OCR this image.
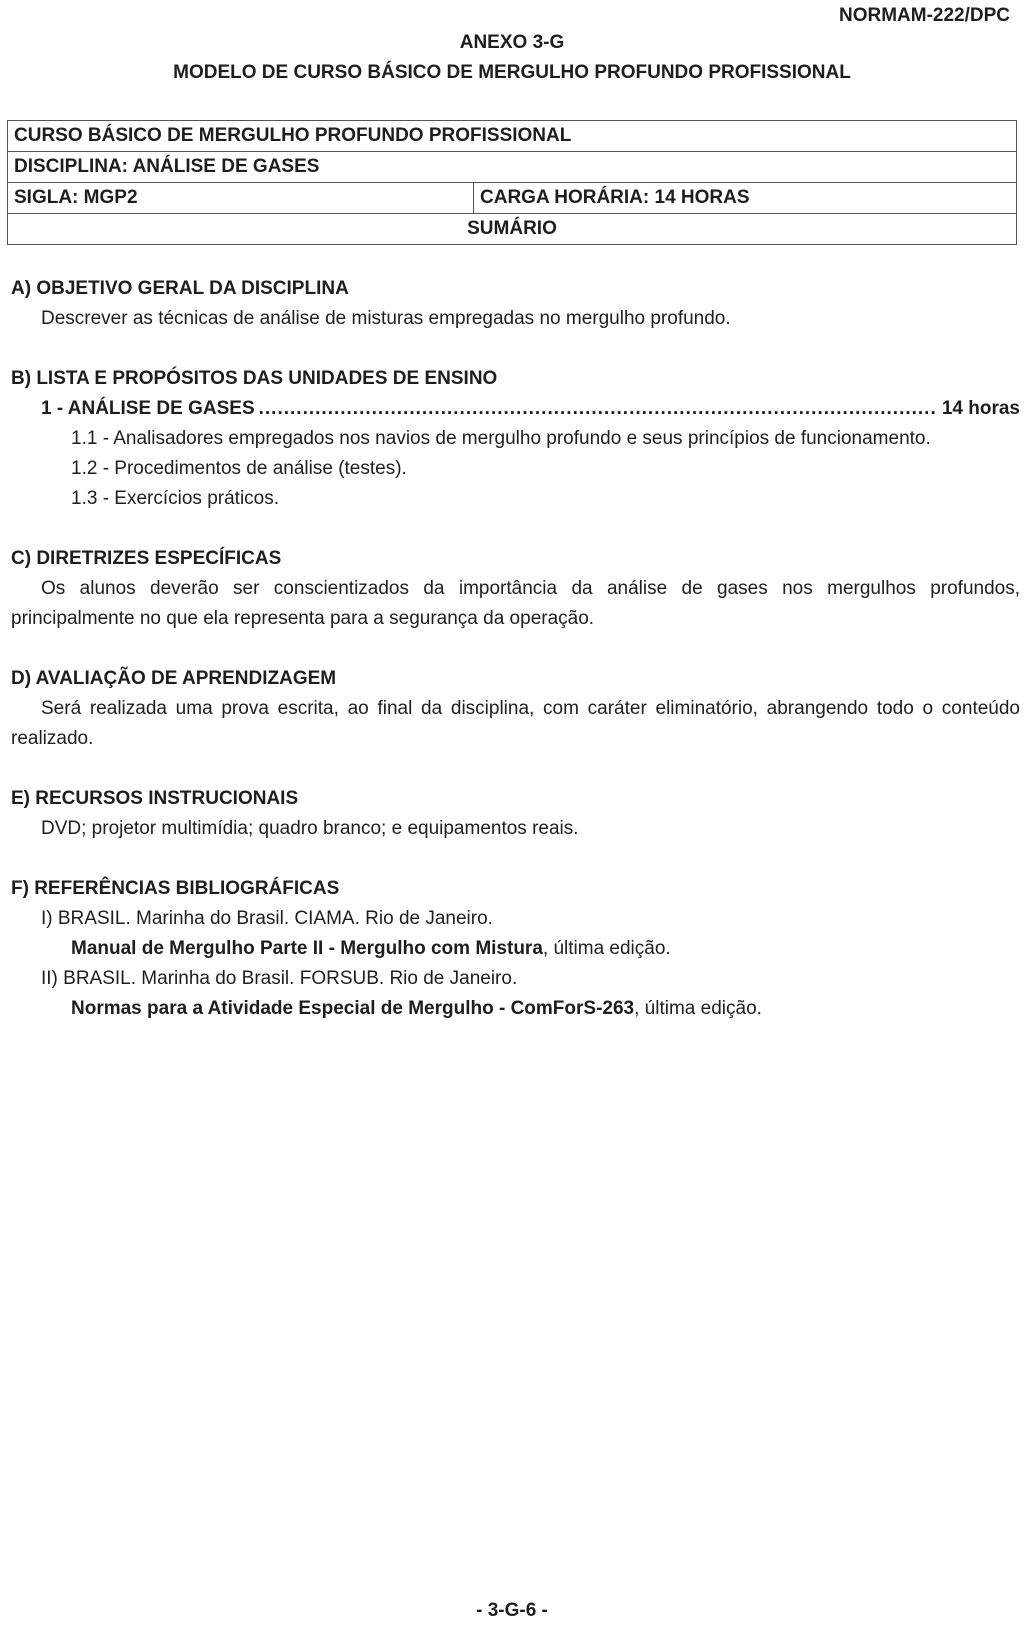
NORMAM-222/DPC
ANEXO 3-G
MODELO DE CURSO BÁSICO DE MERGULHO PROFUNDO PROFISSIONAL
CURSO BÁSICO DE MERGULHO PROFUNDO PROFISSIONAL
DISCIPLINA: ANÁLISE DE GASES
SIGLA: MGP2	CARGA HORÁRIA: 14 HORAS
SUMÁRIO
A) OBJETIVO GERAL DA DISCIPLINA
Descrever as técnicas de análise de misturas empregadas no mergulho profundo.
B) LISTA E PROPÓSITOS DAS UNIDADES DE ENSINO
1 - ANÁLISE DE GASES
.....	14 horas
1.1 - Analisadores empregados nos navios de mergulho profundo e seus princípios de funcionamento.
1.2 - Procedimentos de análise (testes).
1.3 - Exercícios práticos.
C) DIRETRIZES ESPECÍFICAS
Os alunos deverão ser conscientizados da importância da análise de gases nos mergulhos profundos, principalmente no que ela representa para a segurança da operação.
D) AVALIAÇÃO DE APRENDIZAGEM
Será realizada uma prova escrita, ao final da disciplina, com caráter eliminatório, abrangendo todo o conteúdo realizado.
E) RECURSOS INSTRUCIONAIS
DVD; projetor multimídia; quadro branco; e equipamentos reais.
F) REFERÊNCIAS BIBLIOGRÁFICAS
I) BRASIL. Marinha do Brasil. CIAMA. Rio de Janeiro.
Manual de Mergulho Parte II - Mergulho com Mistura, última edição.
II) BRASIL. Marinha do Brasil. FORSUB. Rio de Janeiro.
Normas para a Atividade Especial de Mergulho - ComForS-263, última edição.
- 3-G-6 -
